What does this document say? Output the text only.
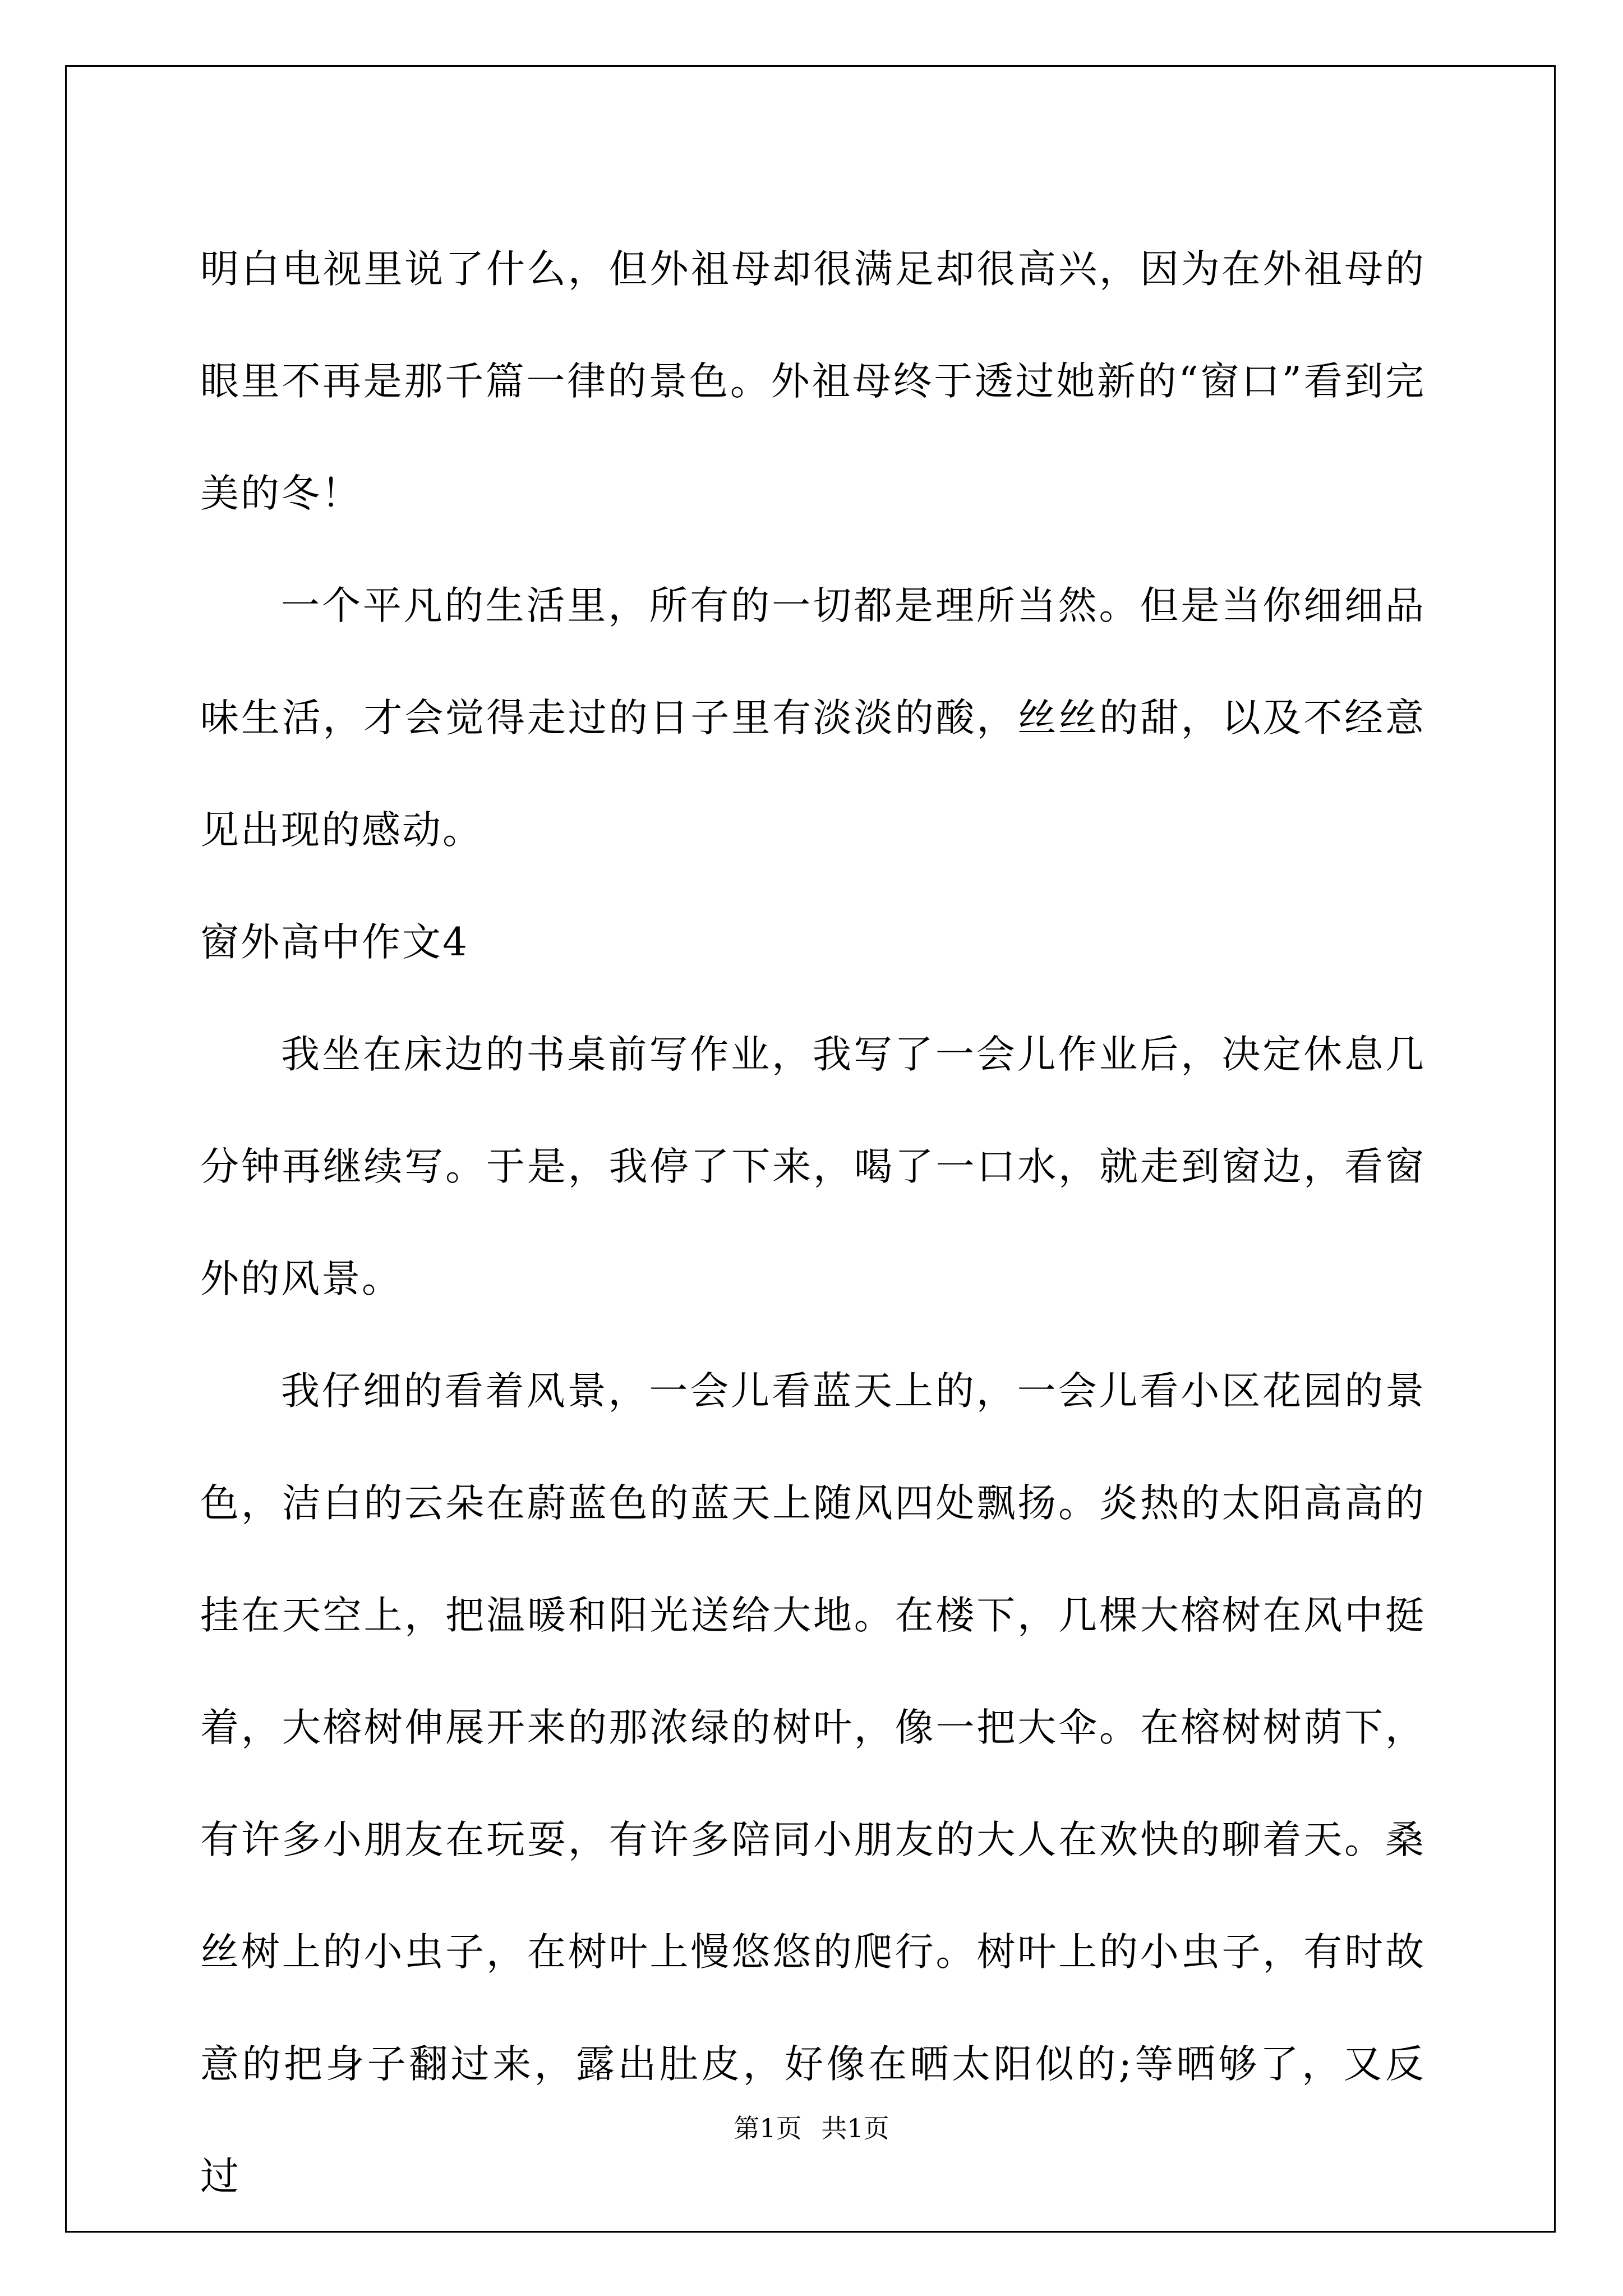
明白电视里说了什么，但外祖母却很满足却很高兴，因为在外祖母的眼里不再是那千篇一律的景色。外祖母终于透过她新的“窗口”看到完美的冬！

一个平凡的生活里，所有的一切都是理所当然。但是当你细细品味生活，才会觉得走过的日子里有淡淡的酸，丝丝的甜，以及不经意见出现的感动。

窗外高中作文4

我坐在床边的书桌前写作业，我写了一会儿作业后，决定休息几分钟再继续写。于是，我停了下来，喝了一口水，就走到窗边，看窗外的风景。

我仔细的看着风景，一会儿看蓝天上的，一会儿看小区花园的景色，洁白的云朵在蔚蓝色的蓝天上随风四处飘扬。炎热的太阳高高的挂在天空上，把温暖和阳光送给大地。在楼下，几棵大榕树在风中挺着，大榕树伸展开来的那浓绿的树叶，像一把大伞。在榕树树荫下，有许多小朋友在玩耍，有许多陪同小朋友的大人在欢快的聊着天。桑丝树上的小虫子，在树叶上慢悠悠的爬行。树叶上的小虫子，有时故意的把身子翻过来，露出肚皮，好像在晒太阳似的;等晒够了，又反过

第1页 共1页
